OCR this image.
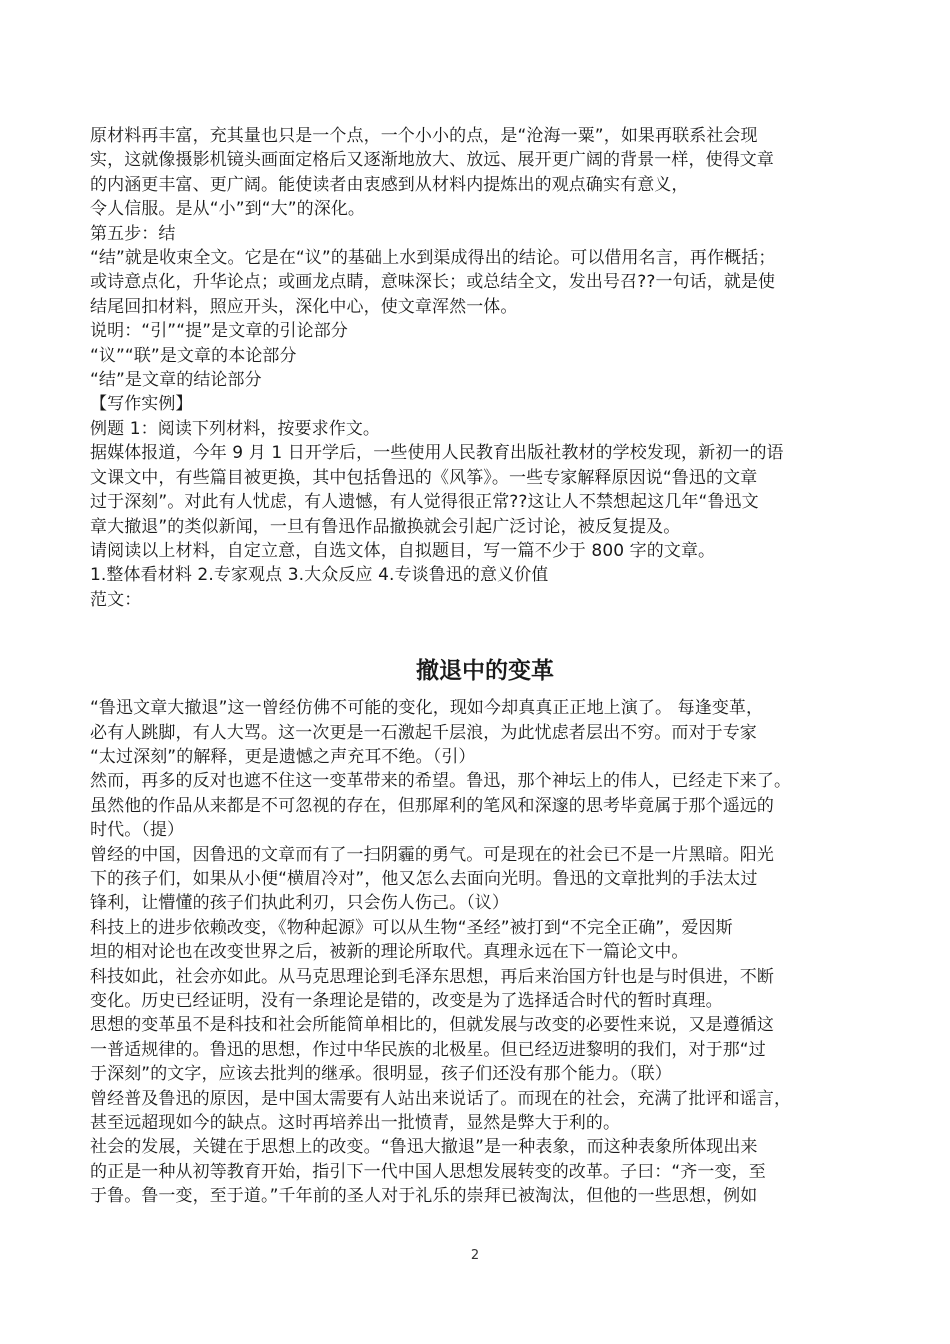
原材料再丰富，充其量也只是一个点，一个小小的点，是“沧海一粟”，如果再联系社会现
实，这就像摄影机镜头画面定格后又逐渐地放大、放远、展开更广阔的背景一样，使得文章
的内涵更丰富、更广阔。能使读者由衷感到从材料内提炼出的观点确实有意义，
令人信服。是从“小”到“大”的深化。
第五步：结
“结”就是收束全文。它是在“议”的基础上水到渠成得出的结论。可以借用名言，再作概括；
或诗意点化，升华论点；或画龙点睛，意味深长；或总结全文，发出号召??一句话，就是使
结尾回扣材料，照应开头，深化中心，使文章浑然一体。
说明：“引”“提”是文章的引论部分
“议”“联”是文章的本论部分
“结”是文章的结论部分
【写作实例】
例题 1：阅读下列材料，按要求作文。
据媒体报道，今年 9 月 1 日开学后，一些使用人民教育出版社教材的学校发现，新初一的语
文课文中，有些篇目被更换，其中包括鲁迅的《风筝》。一些专家解释原因说“鲁迅的文章
过于深刻”。对此有人忧虑，有人遗憾，有人觉得很正常??这让人不禁想起这几年“鲁迅文
章大撤退”的类似新闻，一旦有鲁迅作品撤换就会引起广泛讨论，被反复提及。
请阅读以上材料，自定立意，自选文体，自拟题目，写一篇不少于 800 字的文章。
1.整体看材料 2.专家观点 3.大众反应 4.专谈鲁迅的意义价值
范文：
撤退中的变革
“鲁迅文章大撤退”这一曾经仿佛不可能的变化，现如今却真真正正地上演了。 每逢变革，
必有人跳脚，有人大骂。这一次更是一石激起千层浪，为此忧虑者层出不穷。而对于专家
“太过深刻”的解释，更是遗憾之声充耳不绝。（引）
然而，再多的反对也遮不住这一变革带来的希望。鲁迅，那个神坛上的伟人，已经走下来了。
虽然他的作品从来都是不可忽视的存在，但那犀利的笔风和深邃的思考毕竟属于那个遥远的
时代。（提）
曾经的中国，因鲁迅的文章而有了一扫阴霾的勇气。可是现在的社会已不是一片黑暗。阳光
下的孩子们，如果从小便“横眉冷对”，他又怎么去面向光明。鲁迅的文章批判的手法太过
锋利，让懵懂的孩子们执此利刃，只会伤人伤己。（议）
科技上的进步依赖改变，《物种起源》可以从生物“圣经”被打到“不完全正确”，爱因斯
坦的相对论也在改变世界之后，被新的理论所取代。真理永远在下一篇论文中。
科技如此，社会亦如此。从马克思理论到毛泽东思想，再后来治国方针也是与时俱进，不断
变化。历史已经证明，没有一条理论是错的，改变是为了选择适合时代的暂时真理。
思想的变革虽不是科技和社会所能简单相比的，但就发展与改变的必要性来说，又是遵循这
一普适规律的。鲁迅的思想，作过中华民族的北极星。但已经迈进黎明的我们，对于那“过
于深刻”的文字，应该去批判的继承。很明显，孩子们还没有那个能力。（联）
曾经普及鲁迅的原因，是中国太需要有人站出来说话了。而现在的社会，充满了批评和谣言，
甚至远超现如今的缺点。这时再培养出一批愤青，显然是弊大于利的。
社会的发展，关键在于思想上的改变。“鲁迅大撤退”是一种表象，而这种表象所体现出来
的正是一种从初等教育开始，指引下一代中国人思想发展转变的改革。子曰：“齐一变，至
于鲁。鲁一变，至于道。”千年前的圣人对于礼乐的崇拜已被淘汰，但他的一些思想，例如
2
